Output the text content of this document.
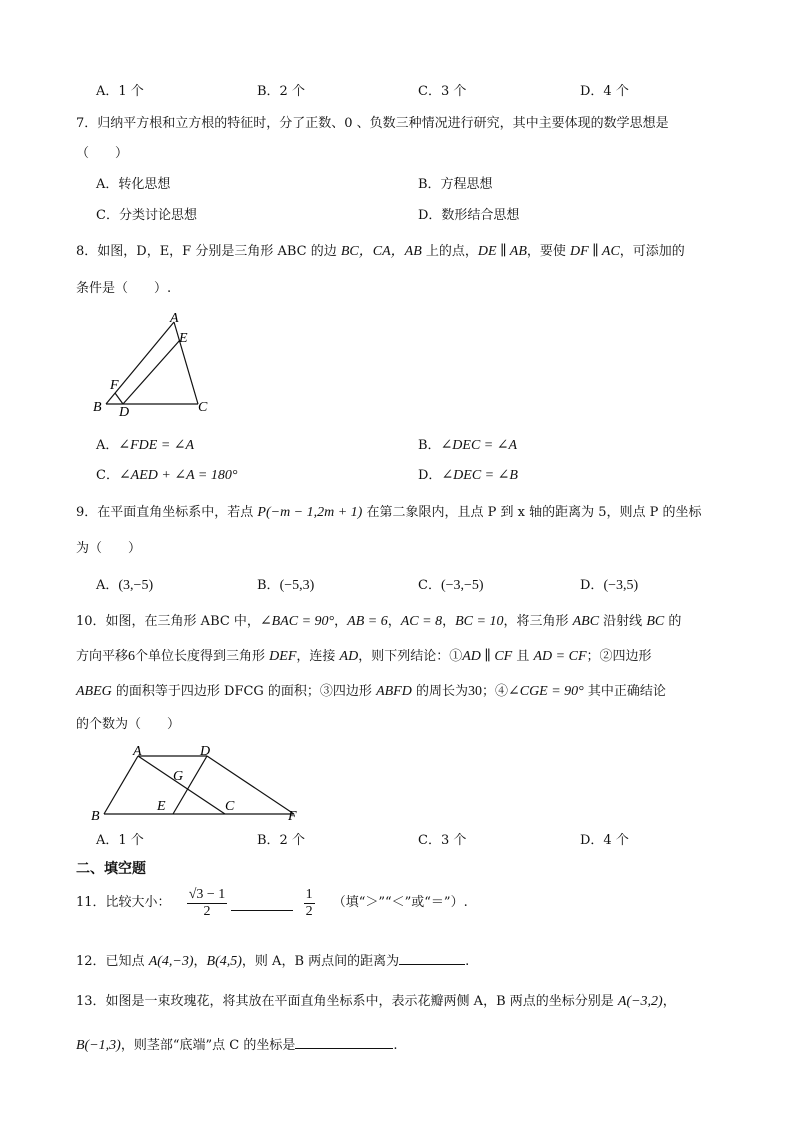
A．1 个	B．2 个	C．3 个	D．4 个
7．归纳平方根和立方根的特征时，分了正数、0 、负数三种情况进行研究，其中主要体现的数学思想是
（　　）
A．转化思想	B．方程思想
C．分类讨论思想	D．数形结合思想
8．如图，D，E，F 分别是三角形 ABC 的边 BC，CA，AB 上的点，DE ∥ AB，要使 DF ∥ AC，可添加的
条件是（　　）.
A
E
F
B D	C
A．∠FDE = ∠A	B．∠DEC = ∠A
C．∠AED + ∠A = 180°	D．∠DEC = ∠B
9．在平面直角坐标系中，若点 P(−m − 1,2m + 1) 在第二象限内，且点 P 到 x 轴的距离为 5，则点 P 的坐标
为（　　）
A．(3,−5)	B．(−5,3)	C．(−3,−5)	D．(−3,5)
10．如图，在三角形 ABC 中，∠BAC = 90°，AB = 6，AC = 8，BC = 10，将三角形 ABC 沿射线 BC 的
方向平移6个单位长度得到三角形 DEF，连接 AD，则下列结论：①AD ∥ CF 且 AD = CF；②四边形
ABEG 的面积等于四边形 DFCG 的面积；③四边形 ABFD 的周长为30；④∠CGE = 90° 其中正确结论
的个数为（　　）
A	D
G
B
E	C
F
A．1 个	B．2 个	C．3 个	D．4 个
二、填空题
11．比较大小： $\frac{√3 - 1}{2}$
	$\frac{1}{2}$ （填“＞”“＜”或“＝”）.
12．已知点 A(4,−3)，B(4,5)，则 A，B 两点间的距离为	.
13．如图是一束玫瑰花，将其放在平面直角坐标系中，表示花瓣两侧 A，B 两点的坐标分别是 A(−3,2)，
B(−1,3)，则茎部“底端”点 C 的坐标是	.
